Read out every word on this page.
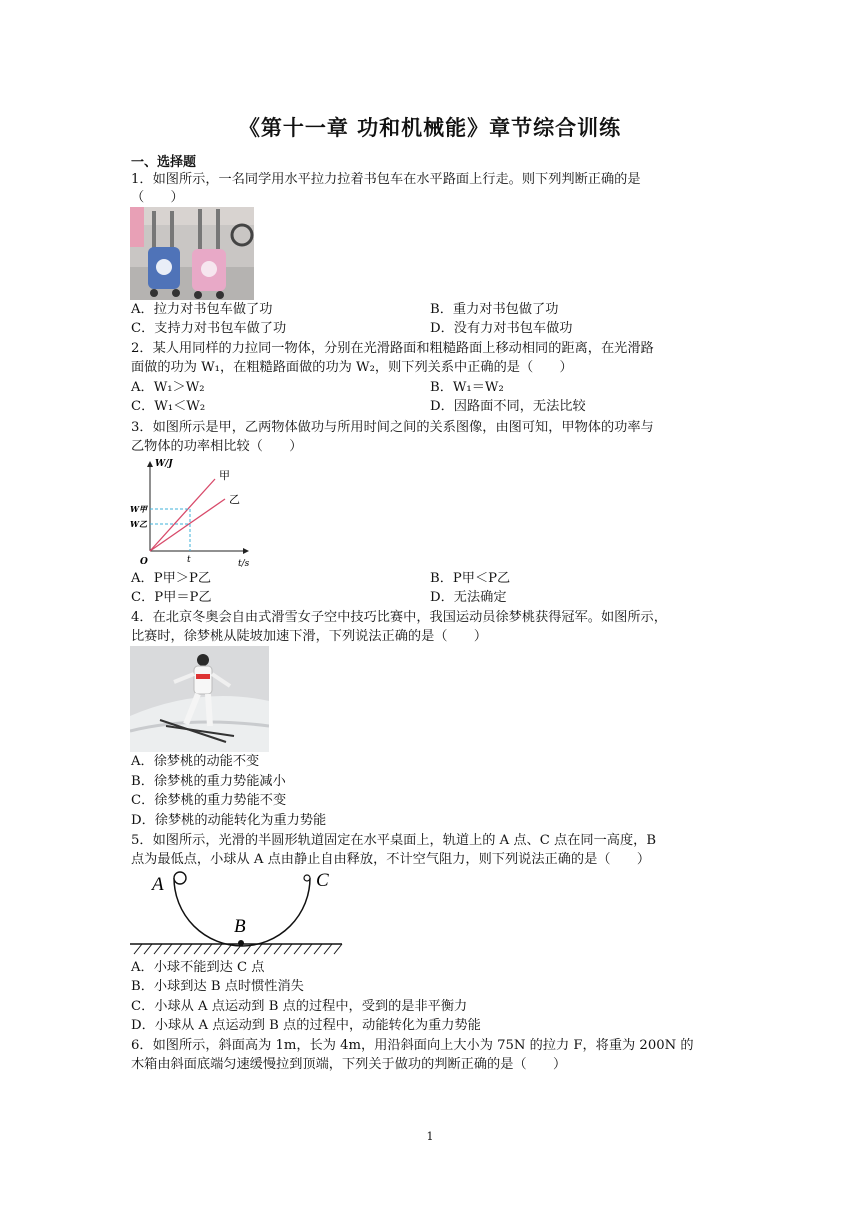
《第十一章 功和机械能》章节综合训练
一、选择题
1．如图所示，一名同学用水平拉力拉着书包车在水平路面上行走。则下列判断正确的是
（　　）
A．拉力对书包车做了功	B．重力对书包做了功
C．支持力对书包车做了功	D．没有力对书包车做功
2．某人用同样的力拉同一物体，分别在光滑路面和粗糙路面上移动相同的距离，在光滑路
面做的功为 W₁，在粗糙路面做的功为 W₂，则下列关系中正确的是（　　）
A．W₁＞W₂	B．W₁＝W₂
C．W₁＜W₂	D．因路面不同，无法比较
3．如图所示是甲，乙两物体做功与所用时间之间的关系图像，由图可知，甲物体的功率与
乙物体的功率相比较（　　）
W/J
t/s
O
W甲
W乙
t
甲
乙
A．P甲＞P乙	B．P甲＜P乙
C．P甲＝P乙	D．无法确定
4．在北京冬奥会自由式滑雪女子空中技巧比赛中，我国运动员徐梦桃获得冠军。如图所示，
比赛时，徐梦桃从陡坡加速下滑，下列说法正确的是（　　）
A．徐梦桃的动能不变
B．徐梦桃的重力势能减小
C．徐梦桃的重力势能不变
D．徐梦桃的动能转化为重力势能
5．如图所示，光滑的半圆形轨道固定在水平桌面上，轨道上的 A 点、C 点在同一高度，B
点为最低点，小球从 A 点由静止自由释放，不计空气阻力，则下列说法正确的是（　　）
A
B
C
A．小球不能到达 C 点
B．小球到达 B 点时惯性消失
C．小球从 A 点运动到 B 点的过程中，受到的是非平衡力
D．小球从 A 点运动到 B 点的过程中，动能转化为重力势能
6．如图所示，斜面高为 1m，长为 4m，用沿斜面向上大小为 75N 的拉力 F，将重为 200N 的
木箱由斜面底端匀速缓慢拉到顶端，下列关于做功的判断正确的是（　　）
1
